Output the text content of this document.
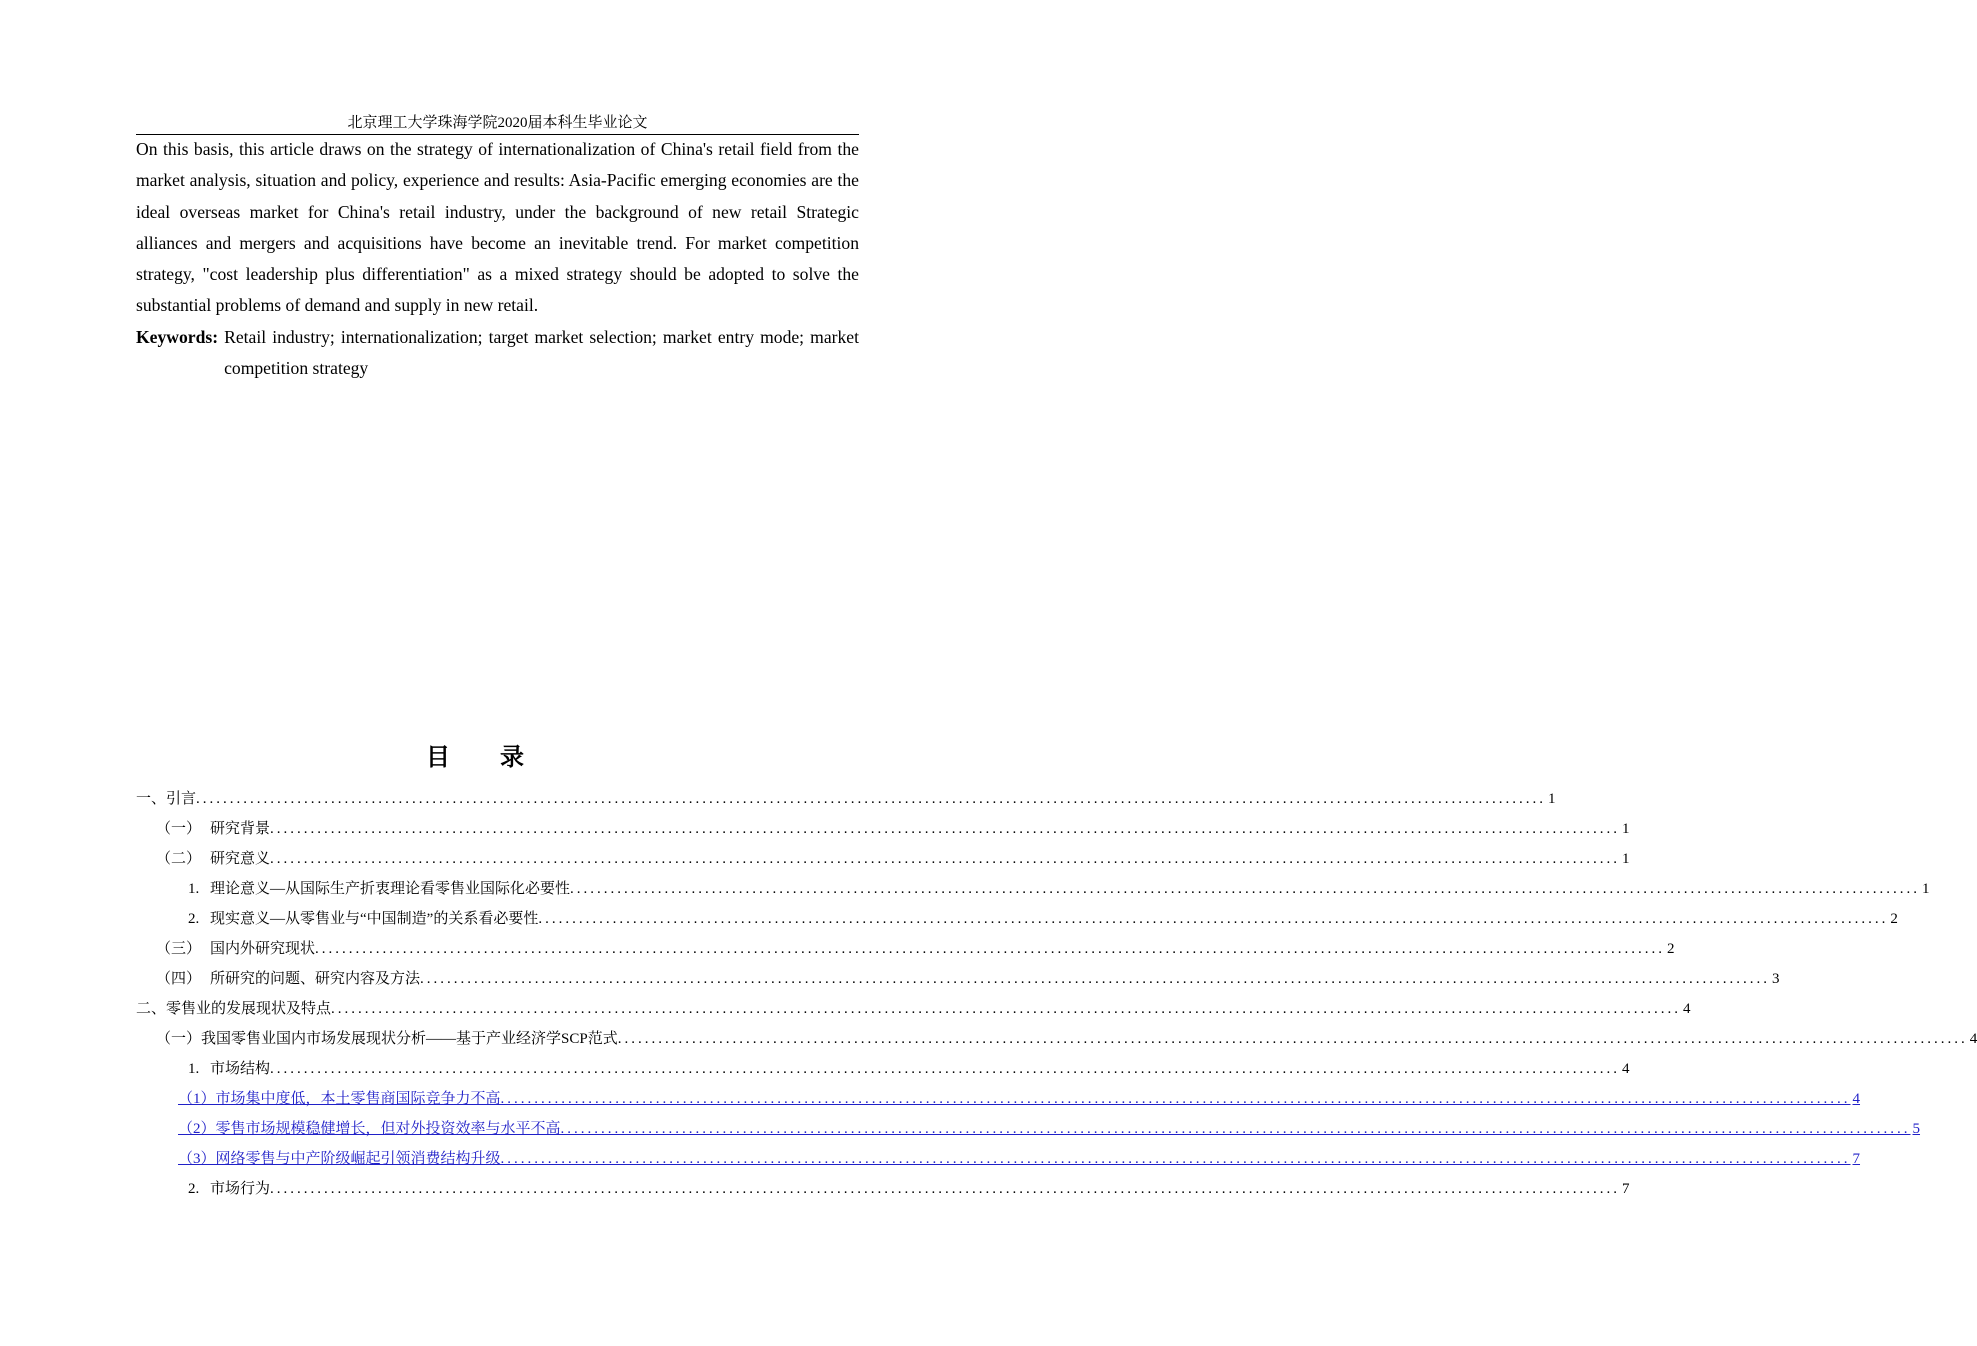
北京理工大学珠海学院2020届本科生毕业论文

On this basis, this article draws on the strategy of internationalization of China's retail field from the market analysis, situation and policy, experience and results: Asia-Pacific emerging economies are the ideal overseas market for China's retail industry, under the background of new retail Strategic alliances and mergers and acquisitions have become an inevitable trend. For market competition strategy, "cost leadership plus differentiation" as a mixed strategy should be adopted to solve the substantial problems of demand and supply in new retail.

Keywords: Retail industry; internationalization; target market selection; market entry mode; market competition strategy
目 录
一、引言 ........................................................................................................................................................................................................ 1
（一） 研究背景 ........................................................................................................................................................................................................ 1
（二） 研究意义 ........................................................................................................................................................................................................ 1
1. 理论意义—从国际生产折衷理论看零售业国际化必要性 ........................................................................................................................................................................................................ 1
2. 现实意义—从零售业与“中国制造”的关系看必要性 ........................................................................................................................................................................................................ 2
（三） 国内外研究现状 ........................................................................................................................................................................................................ 2
（四） 所研究的问题、研究内容及方法 ........................................................................................................................................................................................................ 3
二、零售业的发展现状及特点 ........................................................................................................................................................................................................ 4
（一）我国零售业国内市场发展现状分析——基于产业经济学SCP范式 ........................................................................................................................................................................................................ 4
1. 市场结构 ........................................................................................................................................................................................................ 4
（1）市场集中度低，本土零售商国际竞争力不高 ........................................................................................................................................................................................................ 4
（2）零售市场规模稳健增长，但对外投资效率与水平不高 ........................................................................................................................................................................................................ 5
（3）网络零售与中产阶级崛起引领消费结构升级 ........................................................................................................................................................................................................ 7
2. 市场行为 ........................................................................................................................................................................................................ 7
